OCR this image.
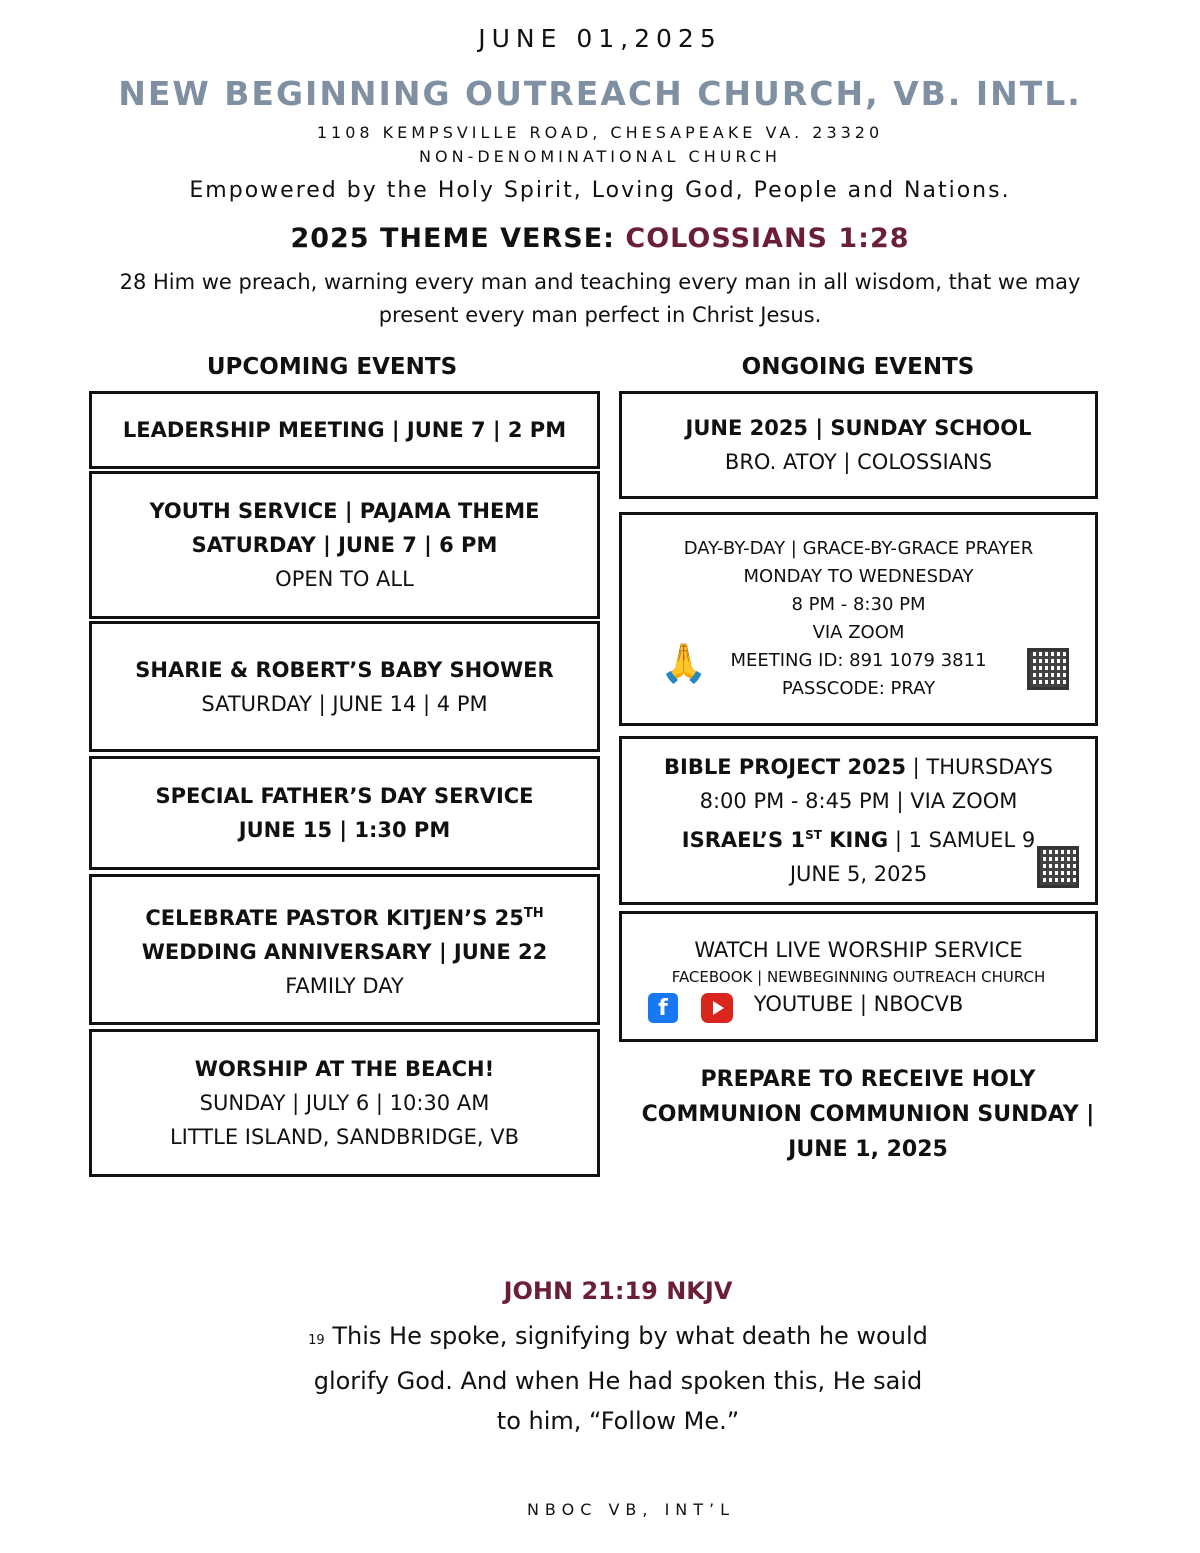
JUNE 01,2025
NEW BEGINNING OUTREACH CHURCH, VB. INTL.
1108 KEMPSVILLE ROAD, CHESAPEAKE VA. 23320
NON-DENOMINATIONAL CHURCH
Empowered by the Holy Spirit, Loving God, People and Nations.
2025 THEME VERSE: COLOSSIANS 1:28
28 Him we preach, warning every man and teaching every man in all wisdom, that we may present every man perfect in Christ Jesus.
UPCOMING EVENTS
LEADERSHIP MEETING | JUNE 7 | 2 PM
YOUTH SERVICE | PAJAMA THEME
SATURDAY | JUNE 7 | 6 PM
OPEN TO ALL
SHARIE & ROBERT’S BABY SHOWER
SATURDAY | JUNE 14 | 4 PM
SPECIAL FATHER’S DAY SERVICE
JUNE 15 | 1:30 PM
CELEBRATE PASTOR KITJEN’S 25TH
WEDDING ANNIVERSARY | JUNE 22
FAMILY DAY
WORSHIP AT THE BEACH!
SUNDAY | JULY 6 | 10:30 AM
LITTLE ISLAND, SANDBRIDGE, VB
ONGOING EVENTS
JUNE 2025 | SUNDAY SCHOOL
BRO. ATOY | COLOSSIANS
DAY-BY-DAY | GRACE-BY-GRACE PRAYER
MONDAY TO WEDNESDAY
8 PM - 8:30 PM
VIA ZOOM
MEETING ID: 891 1079 3811
PASSCODE: PRAY
🙏
BIBLE PROJECT 2025 | THURSDAYS
8:00 PM - 8:45 PM | VIA ZOOM
ISRAEL’S 1ST KING | 1 SAMUEL 9
JUNE 5, 2025
WATCH LIVE WORSHIP SERVICE
FACEBOOK | NEWBEGINNING OUTREACH CHURCH
YOUTUBE | NBOCVB
f
PREPARE TO RECEIVE HOLY COMMUNION COMMUNION SUNDAY | JUNE 1, 2025
JOHN 21:19 NKJV
19 This He spoke, signifying by what death he would glorify God. And when He had spoken this, He said to him, “Follow Me.”
NBOC VB, INT’L
